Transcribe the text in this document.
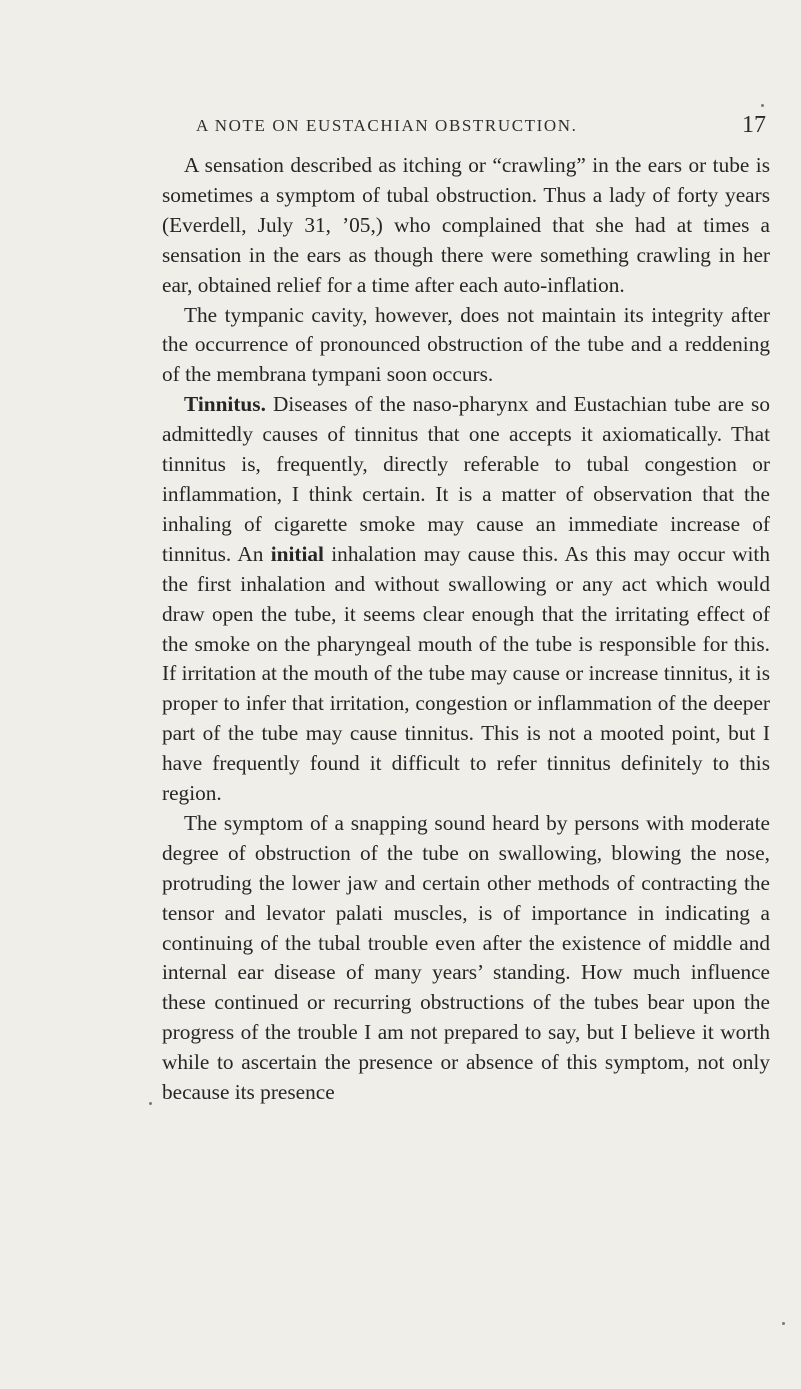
A NOTE ON EUSTACHIAN OBSTRUCTION.	17

A sensation described as itching or “crawling” in the ears or tube is sometimes a symptom of tubal obstruction. Thus a lady of forty years (Everdell, July 31, ’05,) who complained that she had at times a sensation in the ears as though there were something crawling in her ear, obtained relief for a time after each auto-inflation.

The tympanic cavity, however, does not maintain its integrity after the occurrence of pronounced obstruction of the tube and a reddening of the membrana tympani soon occurs.

Tinnitus. Diseases of the naso-pharynx and Eustachian tube are so admittedly causes of tinnitus that one accepts it axiomatically. That tinnitus is, frequently, directly referable to tubal congestion or inflammation, I think certain. It is a matter of observation that the inhaling of cigarette smoke may cause an immediate increase of tinnitus. An initial inhalation may cause this. As this may occur with the first inhalation and without swallowing or any act which would draw open the tube, it seems clear enough that the irritating effect of the smoke on the pharyngeal mouth of the tube is responsible for this. If irritation at the mouth of the tube may cause or increase tinnitus, it is proper to infer that irritation, congestion or inflammation of the deeper part of the tube may cause tinnitus. This is not a mooted point, but I have frequently found it difficult to refer tinnitus definitely to this region.

The symptom of a snapping sound heard by persons with moderate degree of obstruction of the tube on swallowing, blowing the nose, protruding the lower jaw and certain other methods of contracting the tensor and levator palati muscles, is of importance in indicating a continuing of the tubal trouble even after the existence of middle and internal ear disease of many years’ standing. How much influence these continued or recurring obstructions of the tubes bear upon the progress of the trouble I am not prepared to say, but I believe it worth while to ascertain the presence or absence of this symptom, not only because its presence
